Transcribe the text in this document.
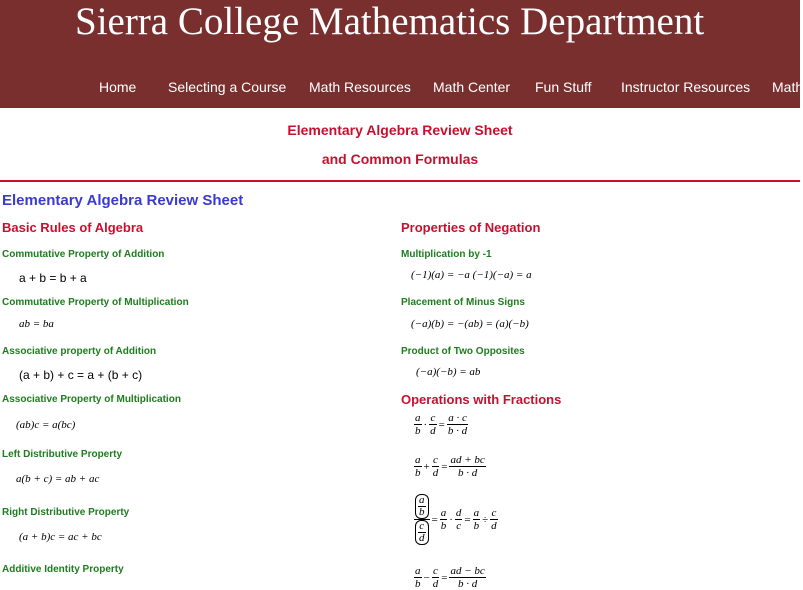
Sierra College Mathematics Department
Home Selecting a Course Math Resources Math Center Fun Stuff Instructor Resources Math
Elementary Algebra Review Sheet
and Common Formulas
Elementary Algebra Review Sheet
Basic Rules of Algebra
Commutative Property of Addition
a + b = b + a
Commutative Property of Multiplication
ab = ba
Associative property of Addition
(a + b) + c = a + (b + c)
Associative Property of Multiplication
(ab)c = a(bc)
Left Distributive Property
a(b + c) = ab + ac
Right Distributive Property
(a + b)c = ac + bc
Additive Identity Property
Properties of Negation
Multiplication by -1
(−1)(a) = −a (−1)(−a) = a
Placement of Minus Signs
(−a)(b) = −(ab) = (a)(−b)
Product of Two Opposites
(−a)(−b) = ab
Operations with Fractions
$\frac{a}{b} \cdot \frac{c}{d} = \frac{a \cdot c}{b \cdot d}$
$\frac{a}{b} + \frac{c}{d} = \frac{ad + bc}{b \cdot d}$
$\frac{\frac{a}{b}}{\frac{c}{d}} = \frac{a}{b} \cdot \frac{d}{c} = \frac{a}{b} \div \frac{c}{d}$
$\frac{a}{b} - \frac{c}{d} = \frac{ad - bc}{b \cdot d}$
